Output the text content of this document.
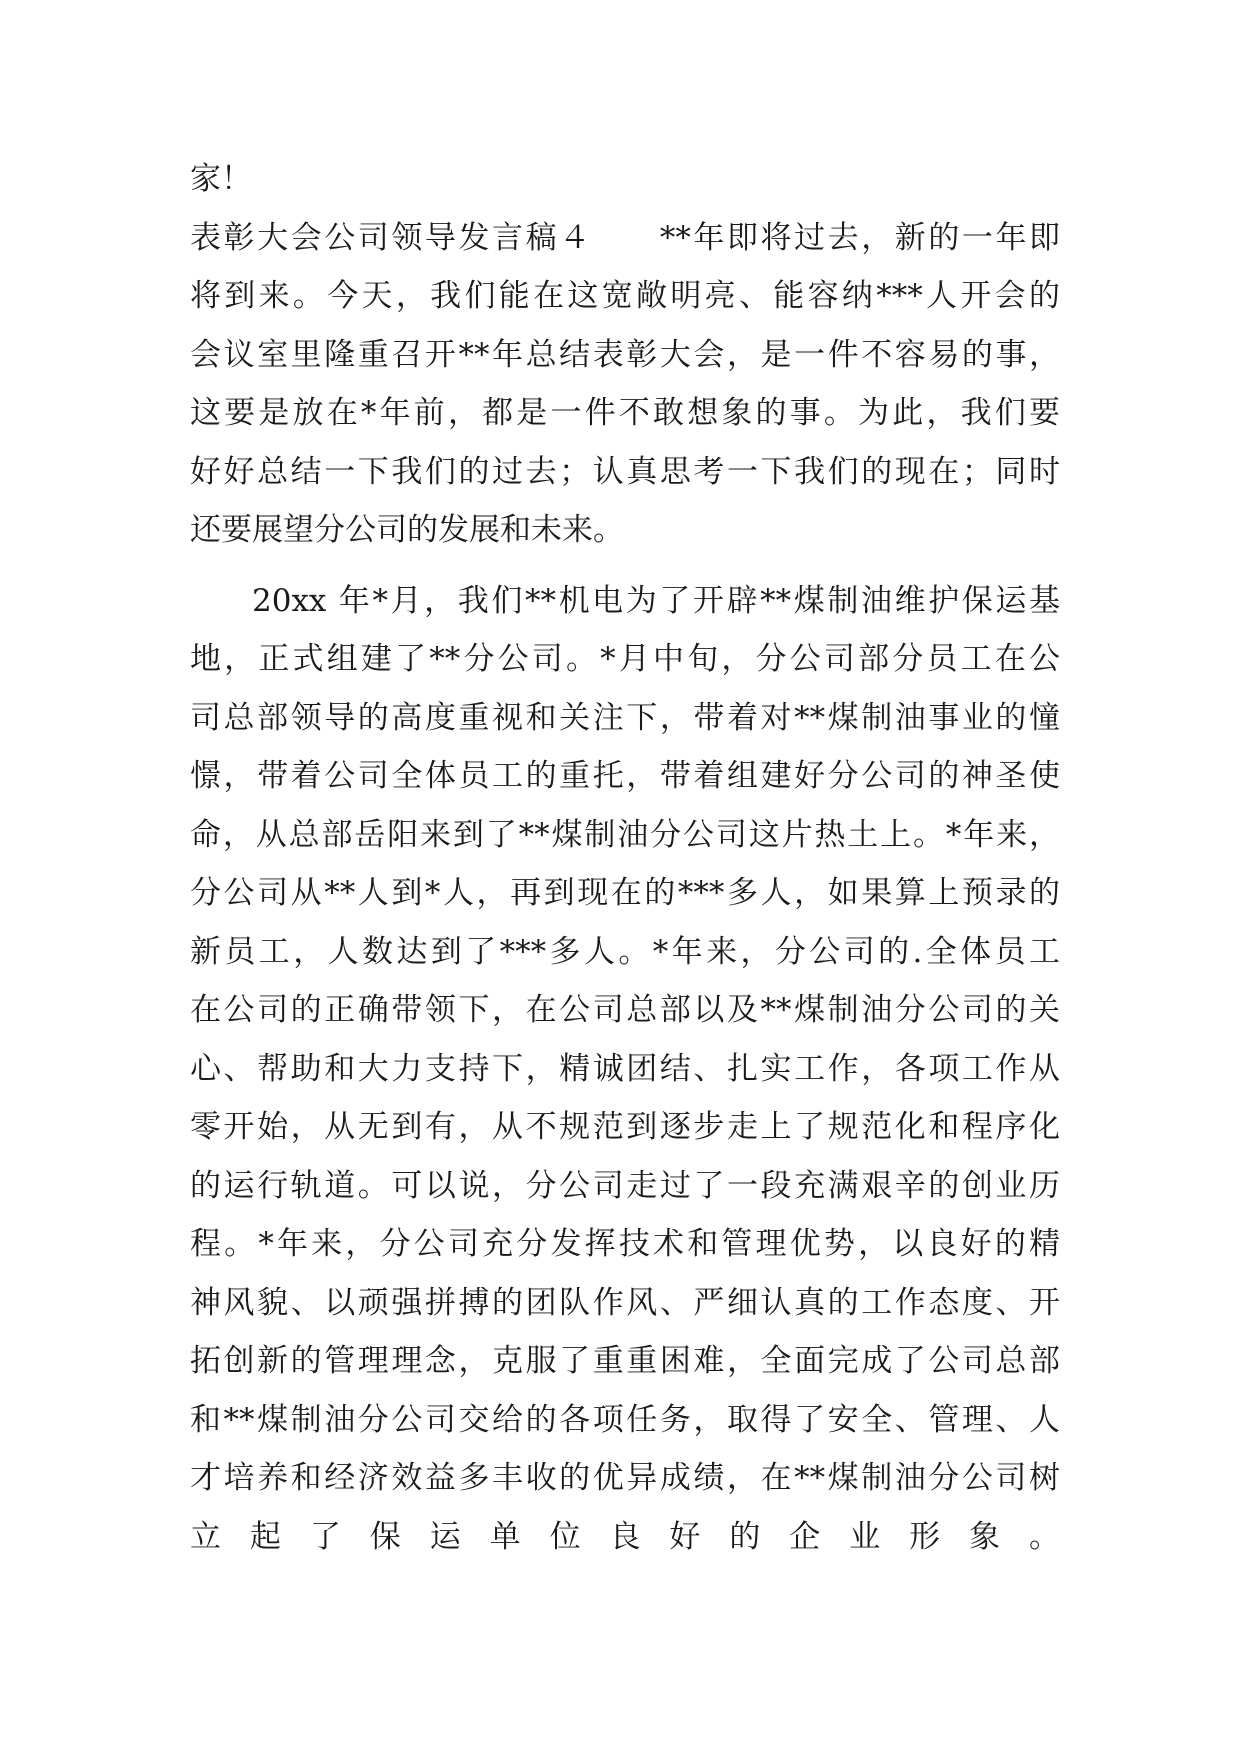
家！
表彰大会公司领导发言稿４　　**年即将过去，新的一年即
将到来。今天，我们能在这宽敞明亮、能容纳***人开会的
会议室里隆重召开**年总结表彰大会，是一件不容易的事，
这要是放在*年前，都是一件不敢想象的事。为此，我们要
好好总结一下我们的过去；认真思考一下我们的现在；同时
还要展望分公司的发展和未来。
20xx 年*月，我们**机电为了开辟**煤制油维护保运基
地，正式组建了**分公司。*月中旬，分公司部分员工在公
司总部领导的高度重视和关注下，带着对**煤制油事业的憧
憬，带着公司全体员工的重托，带着组建好分公司的神圣使
命，从总部岳阳来到了**煤制油分公司这片热土上。*年来，
分公司从**人到*人，再到现在的***多人，如果算上预录的
新员工，人数达到了***多人。*年来，分公司的.全体员工
在公司的正确带领下，在公司总部以及**煤制油分公司的关
心、帮助和大力支持下，精诚团结、扎实工作，各项工作从
零开始，从无到有，从不规范到逐步走上了规范化和程序化
的运行轨道。可以说，分公司走过了一段充满艰辛的创业历
程。*年来，分公司充分发挥技术和管理优势，以良好的精
神风貌、以顽强拼搏的团队作风、严细认真的工作态度、开
拓创新的管理理念，克服了重重困难，全面完成了公司总部
和**煤制油分公司交给的各项任务，取得了安全、管理、人
才培养和经济效益多丰收的优异成绩，在**煤制油分公司树
立起了保运单位良好的企业形象。
